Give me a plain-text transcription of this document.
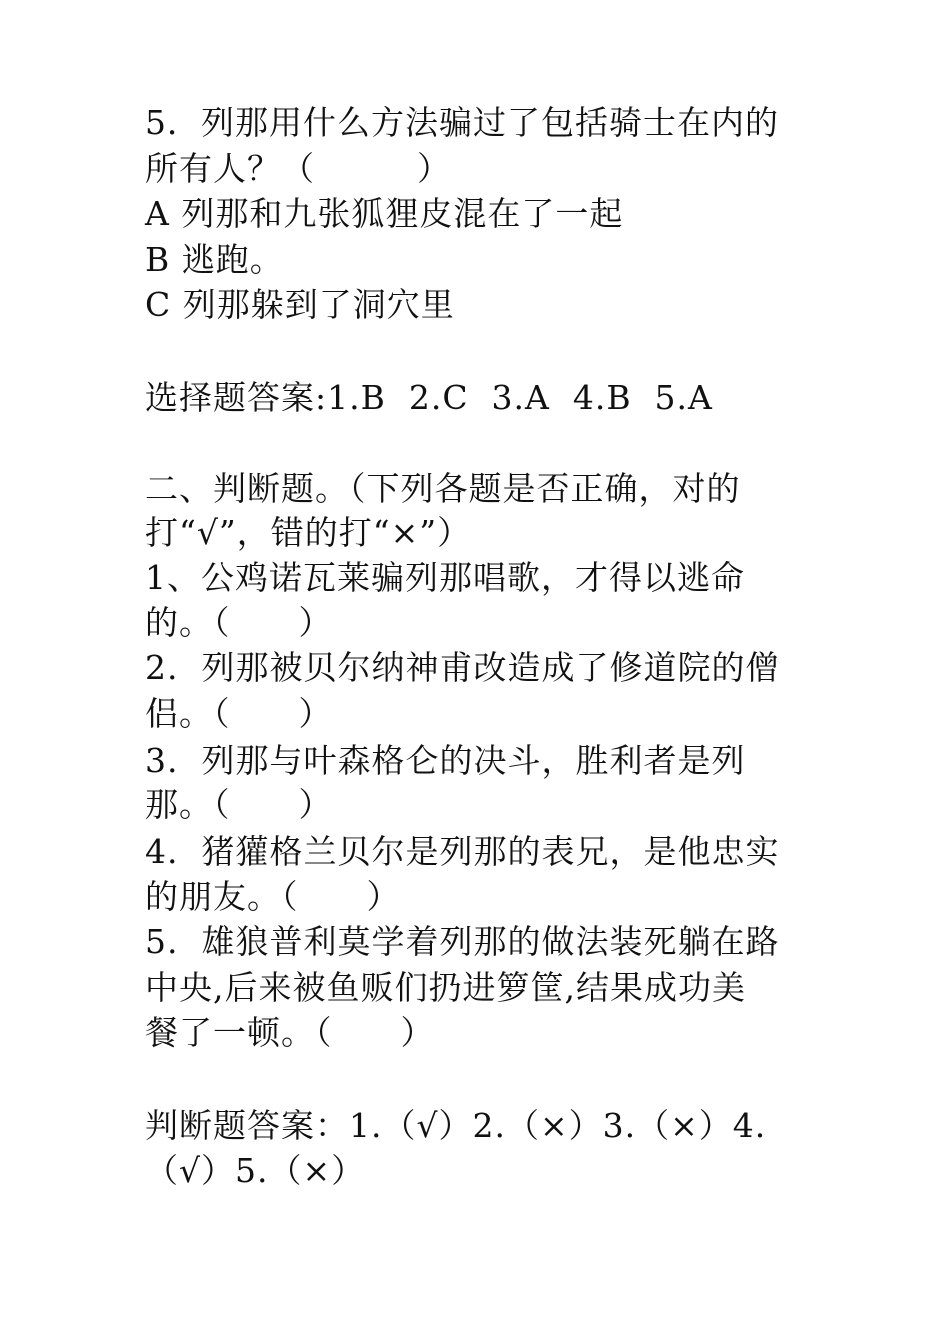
5．列那用什么方法骗过了包括骑士在内的
所有人？（　　　）
A 列那和九张狐狸皮混在了一起
B 逃跑。
C 列那躲到了洞穴里
选择题答案:1.B  2.C  3.A  4.B  5.A
二、判断题。（下列各题是否正确，对的
打“√”，错的打“×”）
1、公鸡诺瓦莱骗列那唱歌，才得以逃命
的。（　　）
2.  列那被贝尔纳神甫改造成了修道院的僧
侣。（　　）
3.  列那与叶森格仑的决斗，胜利者是列
那。（　　）
4.  猪獾格兰贝尔是列那的表兄，是他忠实
的朋友。（　　）
5.  雄狼普利莫学着列那的做法装死躺在路
中央,后来被鱼贩们扔进箩筐,结果成功美
餐了一顿。（　　）
判断题答案：1.（√）2.（×）3.（×）4.
（√）5.（×）
